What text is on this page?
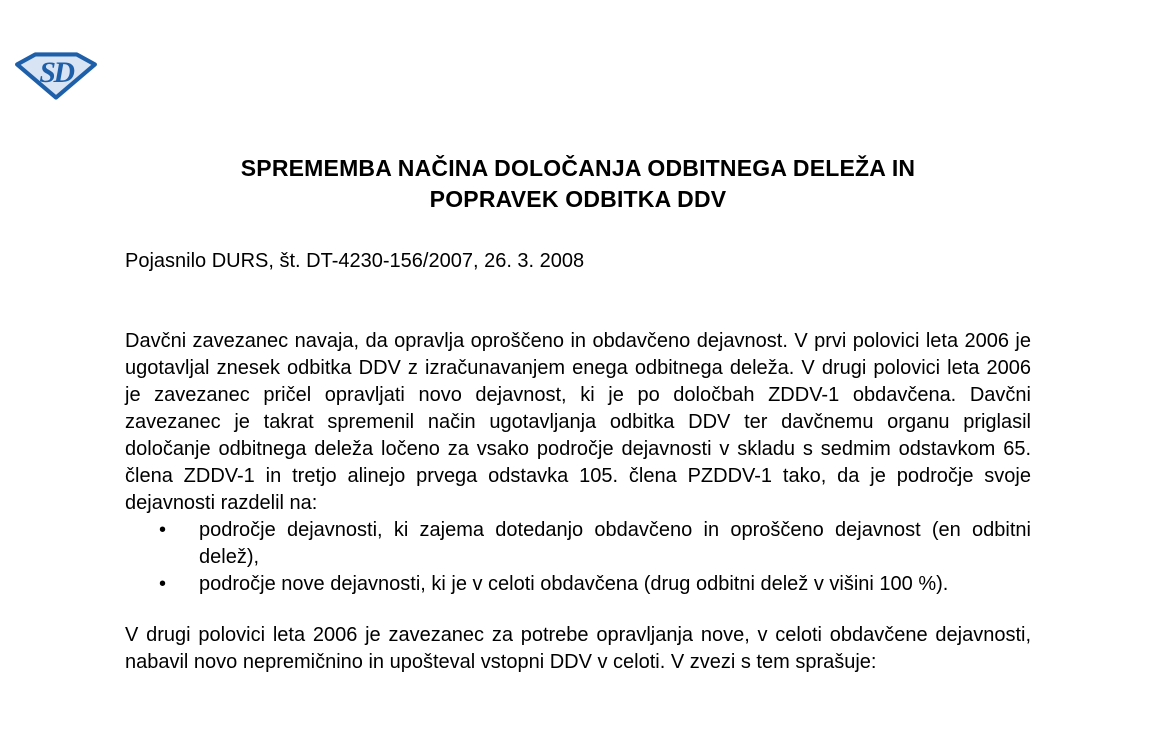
SD
SPREMEMBA NAČINA DOLOČANJA ODBITNEGA DELEŽA IN
POPRAVEK ODBITKA DDV

Pojasnilo DURS, št. DT-4230-156/2007, 26. 3. 2008

Davčni zavezanec navaja, da opravlja oproščeno in obdavčeno dejavnost. V prvi polovici leta 2006 je ugotavljal znesek odbitka DDV z izračunavanjem enega odbitnega deleža. V drugi polovici leta 2006 je zavezanec pričel opravljati novo dejavnost, ki je po določbah ZDDV-1 obdavčena. Davčni zavezanec je takrat spremenil način ugotavljanja odbitka DDV ter davčnemu organu priglasil določanje odbitnega deleža ločeno za vsako področje dejavnosti v skladu s sedmim odstavkom 65. člena ZDDV-1 in tretjo alinejo prvega odstavka 105. člena PZDDV-1 tako, da je področje svoje dejavnosti razdelil na:

• področje dejavnosti, ki zajema dotedanjo obdavčeno in oproščeno dejavnost (en odbitni delež),
• področje nove dejavnosti, ki je v celoti obdavčena (drug odbitni delež v višini 100 %).

V drugi polovici leta 2006 je zavezanec za potrebe opravljanja nove, v celoti obdavčene dejavnosti, nabavil novo nepremičnino in upošteval vstopni DDV v celoti. V zvezi s tem sprašuje:
